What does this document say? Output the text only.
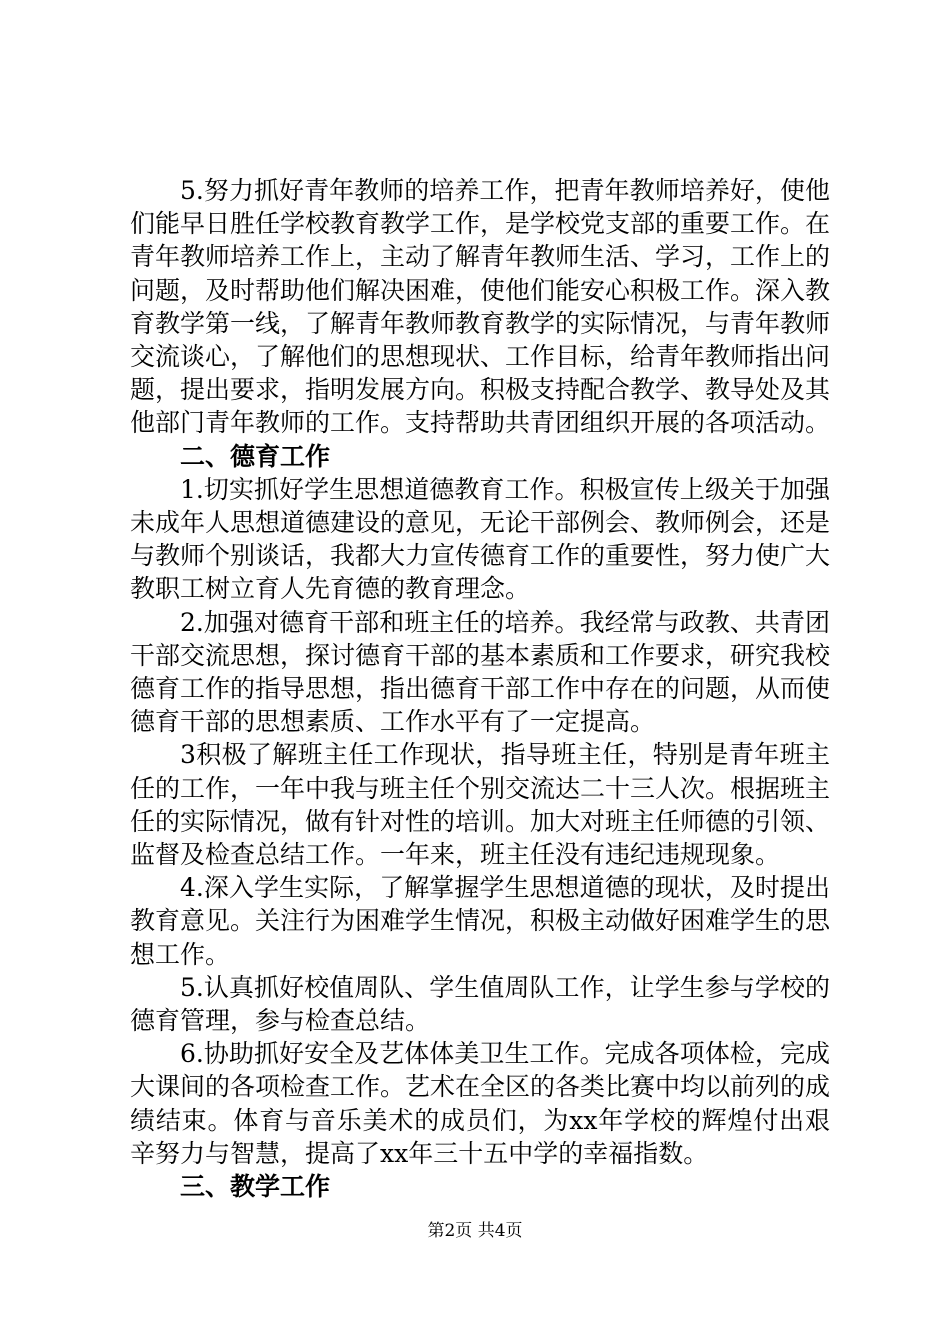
5.努力抓好青年教师的培养工作，把青年教师培养好，使他们能早日胜任学校教育教学工作，是学校党支部的重要工作。在青年教师培养工作上，主动了解青年教师生活、学习，工作上的问题，及时帮助他们解决困难，使他们能安心积极工作。深入教育教学第一线，了解青年教师教育教学的实际情况，与青年教师交流谈心，了解他们的思想现状、工作目标，给青年教师指出问题，提出要求，指明发展方向。积极支持配合教学、教导处及其他部门青年教师的工作。支持帮助共青团组织开展的各项活动。

二、德育工作

1.切实抓好学生思想道德教育工作。积极宣传上级关于加强未成年人思想道德建设的意见，无论干部例会、教师例会，还是与教师个别谈话，我都大力宣传德育工作的重要性，努力使广大教职工树立育人先育德的教育理念。

2.加强对德育干部和班主任的培养。我经常与政教、共青团干部交流思想，探讨德育干部的基本素质和工作要求，研究我校德育工作的指导思想，指出德育干部工作中存在的问题，从而使德育干部的思想素质、工作水平有了一定提高。

3积极了解班主任工作现状，指导班主任，特别是青年班主任的工作，一年中我与班主任个别交流达二十三人次。根据班主任的实际情况，做有针对性的培训。加大对班主任师德的引领、监督及检查总结工作。一年来，班主任没有违纪违规现象。

4.深入学生实际，了解掌握学生思想道德的现状，及时提出教育意见。关注行为困难学生情况，积极主动做好困难学生的思想工作。

5.认真抓好校值周队、学生值周队工作，让学生参与学校的德育管理，参与检查总结。

6.协助抓好安全及艺体体美卫生工作。完成各项体检，完成大课间的各项检查工作。艺术在全区的各类比赛中均以前列的成绩结束。体育与音乐美术的成员们，为xx年学校的辉煌付出艰辛努力与智慧，提高了xx年三十五中学的幸福指数。

三、教学工作

第2页 共4页
